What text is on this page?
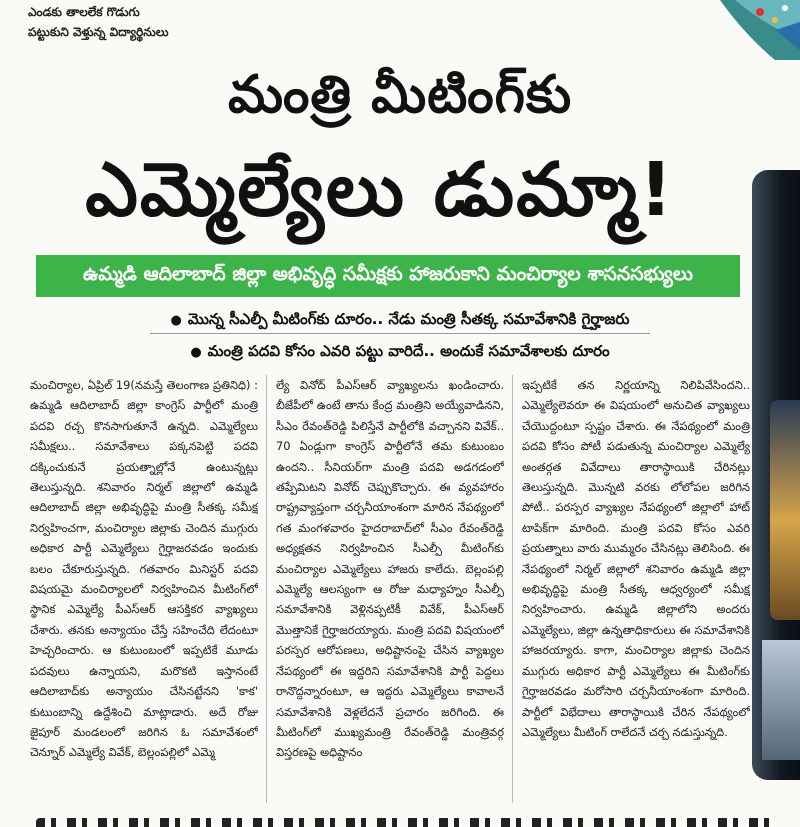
ఎండకు తాలలేక గొడుగు
పట్టుకుని వెళ్తున్న విద్యార్థినులు
మంత్రి మీటింగ్‌కు
ఎమ్మెల్యేలు డుమ్మా!
ఉమ్మడి ఆదిలాబాద్ జిల్లా అభివృద్ధి సమీక్షకు హాజరుకాని మంచిర్యాల శాసనసభ్యులు
● మొన్న సీఎల్పీ మీటింగ్‌కు దూరం.. నేడు మంత్రి సీతక్క సమావేశానికి గైర్హాజరు
● మంత్రి పదవి కోసం ఎవరి పట్టు వారిదే.. అందుకే సమావేశాలకు దూరం

మంచిర్యాల, ఏప్రిల్ 19(నమస్తే తెలంగాణ ప్రతినిధి) : ఉమ్మడి ఆదిలాబాద్ జిల్లా కాంగ్రెస్ పార్టీలో మంత్రి పదవి రచ్చ కొనసాగుతూనే ఉన్నది. ఎమ్మెల్యేలు సమీక్షలు.. సమావేశాలు పక్కనపెట్టి పదవి దక్కించుకునే ప్రయత్నాల్లోనే ఉంటున్నట్లు తెలుస్తున్నది. శనివారం నిర్మల్ జిల్లాలో ఉమ్మడి ఆదిలాబాద్ జిల్లా అభివృద్ధిపై మంత్రి సీతక్క సమీక్ష నిర్వహించగా, మంచిర్యాల జిల్లాకు చెందిన ముగ్గురు అధికార పార్టీ ఎమ్మెల్యేలు గైర్హాజరవడం ఇందుకు బలం చేకూరుస్తున్నది. గతవారం మినిస్టర్ పదవి విషయమై మంచిర్యాలలో నిర్వహించిన మీటింగ్‌లో స్థానిక ఎమ్మెల్యే పీఎస్ఆర్ ఆసక్తికర వ్యాఖ్యలు చేశారు. తనకు అన్యాయం చేస్తే సహించేది లేదంటూ హెచ్చరించారు. ఆ కుటుంబంలో ఇప్పటికే మూడు పదవులు ఉన్నాయని, మరొకటి ఇస్తానంటే ఆదిలాబాద్‌కు అన్యాయం చేసినట్టేనని 'కాక' కుటుంబాన్ని ఉద్దేశించి మాట్లాడారు. అదే రోజు జైపూర్ మండలంలో జరిగిన ఓ సమావేశంలో చెన్నూర్ ఎమ్మెల్యే వివేక్, బెల్లంపల్లిలో ఎమ్మె

ల్యే వినోద్ పీఎస్ఆర్ వ్యాఖ్యలను ఖండించారు. బీజేపీలో ఉంటే తాను కేంద్ర మంత్రిని అయ్యేవాడినని, సీఎం రేవంత్‌రెడ్డి పిలిస్తేనే పార్టీలోకి వచ్చానని వివేక్.. 70 ఏండ్లుగా కాంగ్రెస్ పార్టీలోనే తమ కుటుంబం ఉందని.. సీనియర్‌గా మంత్రి పదవి అడగడంలో తప్పేమిటని వినోద్ చెప్పుకొచ్చారు. ఈ వ్యవహారం రాష్ట్రవ్యాప్తంగా చర్చనీయాంశంగా మారిన నేపథ్యంలో గత మంగళవారం హైదరాబాద్‌లో సీఎం రేవంత్‌రెడ్డి అధ్యక్షతన నిర్వహించిన సీఎల్పీ మీటింగ్‌కు మంచిర్యాల ఎమ్మెల్యేలు హాజరు కాలేదు. బెల్లంపల్లి ఎమ్మెల్యే ఆలస్యంగా ఆ రోజు మధ్యాహ్నం సీఎల్పీ సమావేశానికి వెళ్లినప్పటికీ వివేక్, పీఎస్ఆర్ మొత్తానికే గైర్హాజరయ్యారు. మంత్రి పదవి విషయంలో పరస్పర ఆరోపణలు, అధిష్టానంపై చేసిన వ్యాఖ్యల నేపథ్యంలో ఈ ఇద్దరిని సమావేశానికి పార్టీ పెద్దలు రానొద్దన్నారంటూ, ఆ ఇద్దరు ఎమ్మెల్యేలు కావాలనే సమావేశానికి వెళ్లలేదనే ప్రచారం జరిగింది. ఈ మీటింగ్‌లో ముఖ్యమంత్రి రేవంత్‌రెడ్డి మంత్రివర్గ విస్తరణపై అధిష్టానం

ఇప్పటికే తన నిర్ణయాన్ని నిలిపివేసిందని.. ఎమ్మెల్యేలెవరూ ఈ విషయంలో అనుచిత వ్యాఖ్యలు చేయొద్దంటూ స్పష్టం చేశారు. ఈ నేపథ్యంలో మంత్రి పదవి కోసం పోటీ పడుతున్న మంచిర్యాల ఎమ్మెల్యే అంతర్గత వివేదాలు తారాస్థాయికి చేరినట్లు తెలుస్తున్నది. మొన్నటి వరకు లోలోపల జరిగిన పోటీ.. పరస్పర వ్యాఖ్యల నేపథ్యంలో జిల్లాలో హాట్ టాపిక్‌గా మారింది. మంత్రి పదవి కోసం ఎవరి ప్రయత్నాలు వారు ముమ్మరం చేసినట్లు తెలిసింది. ఈ నేపథ్యంలో నిర్మల్ జిల్లాలో శనివారం ఉమ్మడి జిల్లా అభివృద్ధిపై మంత్రి సీతక్క ఆధ్వర్యంలో సమీక్ష నిర్వహించారు. ఉమ్మడి జిల్లాలోని అందరు ఎమ్మెల్యేలు, జిల్లా ఉన్నతాధికారులు ఈ సమావేశానికి హాజరయ్యారు. కాగా, మంచిర్యాల జిల్లాకు చెందిన ముగ్గురు అధికార పార్టీ ఎమ్మెల్యేలు ఈ మీటింగ్‌కు గైర్హాజరవడం మరోసారి చర్చనీయాంశంగా మారింది. పార్టీలో విభేదాలు తారాస్థాయికి చేరిన నేపథ్యంలో ఎమ్మెల్యేలు మీటింగ్ రాలేదనే చర్చ నడుస్తున్నది.
